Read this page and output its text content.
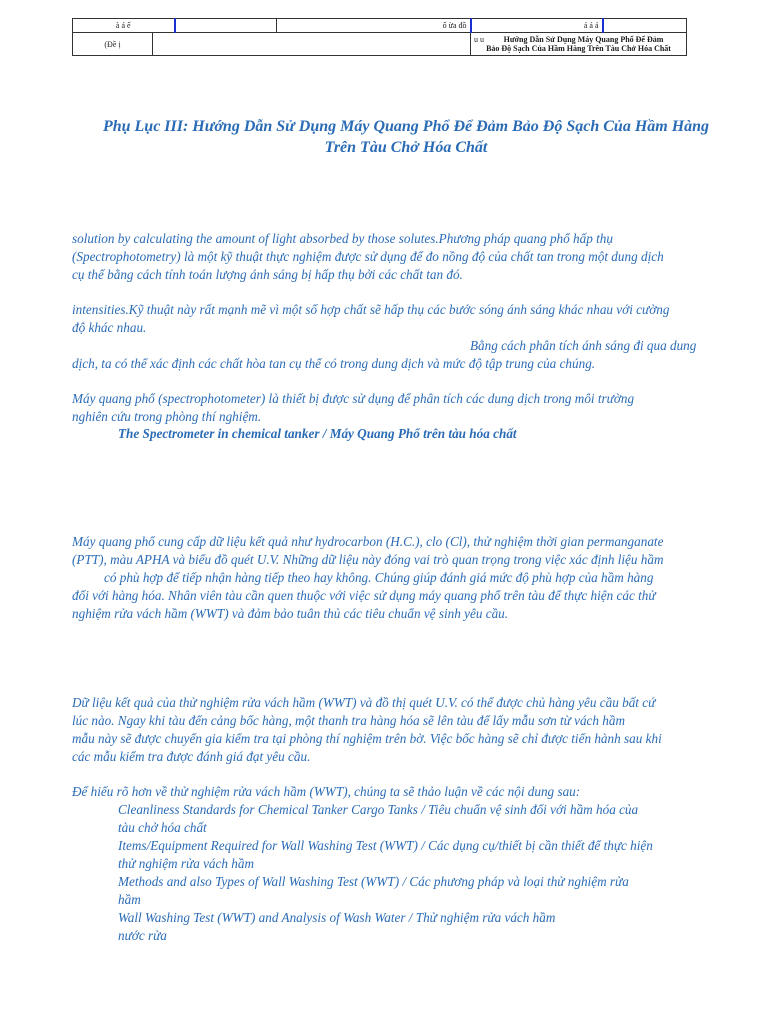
à á ế			ố ừa đồ	á á á	
(Đề ị				u u Hướng Dẫn Sử Dụng Máy Quang Phổ Để Đảm
Bảo Độ Sạch Của Hầm Hàng Trên Tàu Chở Hóa Chất	
Phụ Lục III: Hướng Dẫn Sử Dụng Máy Quang Phổ Để Đảm Bảo Độ Sạch Của Hầm Hàng
Trên Tàu Chở Hóa Chất

solution by calculating the amount of light absorbed by those solutes.Phương pháp quang phổ hấp thụ
(Spectrophotometry) là một kỹ thuật thực nghiệm được sử dụng để đo nồng độ của chất tan trong một dung dịch
cụ thể bằng cách tính toán lượng ánh sáng bị hấp thụ bởi các chất tan đó.

intensities.Kỹ thuật này rất mạnh mẽ vì một số hợp chất sẽ hấp thụ các bước sóng ánh sáng khác nhau với cường
độ khác nhau.
Bằng cách phân tích ánh sáng đi qua dung
dịch, ta có thể xác định các chất hòa tan cụ thể có trong dung dịch và mức độ tập trung của chúng.

Máy quang phổ (spectrophotometer) là thiết bị được sử dụng để phân tích các dung dịch trong môi trường
nghiên cứu trong phòng thí nghiệm.

The Spectrometer in chemical tanker / Máy Quang Phổ trên tàu hóa chất

Máy quang phổ cung cấp dữ liệu kết quả như hydrocarbon (H.C.), clo (Cl), thử nghiệm thời gian permanganate
(PTT), màu APHA và biểu đồ quét U.V. Những dữ liệu này đóng vai trò quan trọng trong việc xác định liệu hầm
có phù hợp để tiếp nhận hàng tiếp theo hay không. Chúng giúp đánh giá mức độ phù hợp của hầm hàng
đối với hàng hóa. Nhân viên tàu cần quen thuộc với việc sử dụng máy quang phổ trên tàu để thực hiện các thử
nghiệm rửa vách hầm (WWT) và đảm bảo tuân thủ các tiêu chuẩn vệ sinh yêu cầu.

Dữ liệu kết quả của thử nghiệm rửa vách hầm (WWT) và đồ thị quét U.V. có thể được chủ hàng yêu cầu bất cứ
lúc nào. Ngay khi tàu đến cảng bốc hàng, một thanh tra hàng hóa sẽ lên tàu để lấy mẫu sơn từ vách hầm
mẫu này sẽ được chuyển gia kiểm tra tại phòng thí nghiệm trên bờ. Việc bốc hàng sẽ chỉ được tiến hành sau khi
các mẫu kiểm tra được đánh giá đạt yêu cầu.

Để hiểu rõ hơn về thử nghiệm rửa vách hầm (WWT), chúng ta sẽ thảo luận về các nội dung sau:

Cleanliness Standards for Chemical Tanker Cargo Tanks / Tiêu chuẩn vệ sinh đối với hầm hóa của
tàu chở hóa chất
Items/Equipment Required for Wall Washing Test (WWT) / Các dụng cụ/thiết bị cần thiết để thực hiện
thử nghiệm rửa vách hầm
Methods and also Types of Wall Washing Test (WWT) / Các phương pháp và loại thử nghiệm rửa
hầm
Wall Washing Test (WWT) and Analysis of Wash Water / Thử nghiệm rửa vách hầm
nước rửa
